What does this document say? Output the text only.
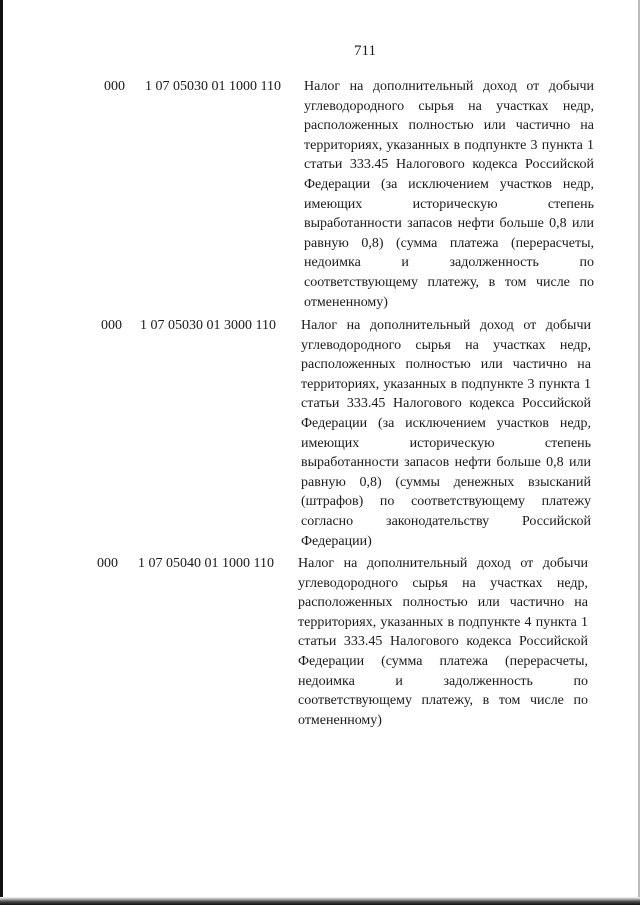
711
000 1 07 05030 01 1000 110 Налог на дополнительный доход от добычи углеводородного сырья на участках недр, расположенных полностью или частично на территориях, указанных в подпункте 3 пункта 1 статьи 333.45 Налогового кодекса Российской Федерации (за исключением участков недр, имеющих историческую степень выработанности запасов нефти больше 0,8 или равную 0,8) (сумма платежа (перерасчеты, недоимка и задолженность по соответствующему платежу, в том числе по отмененному)
000 1 07 05030 01 3000 110 Налог на дополнительный доход от добычи углеводородного сырья на участках недр, расположенных полностью или частично на территориях, указанных в подпункте 3 пункта 1 статьи 333.45 Налогового кодекса Российской Федерации (за исключением участков недр, имеющих историческую степень выработанности запасов нефти больше 0,8 или равную 0,8) (суммы денежных взысканий (штрафов) по соответствующему платежу согласно законодательству Российской Федерации)
000 1 07 05040 01 1000 110 Налог на дополнительный доход от добычи углеводородного сырья на участках недр, расположенных полностью или частично на территориях, указанных в подпункте 4 пункта 1 статьи 333.45 Налогового кодекса Российской Федерации (сумма платежа (перерасчеты, недоимка и задолженность по соответствующему платежу, в том числе по отмененному)
